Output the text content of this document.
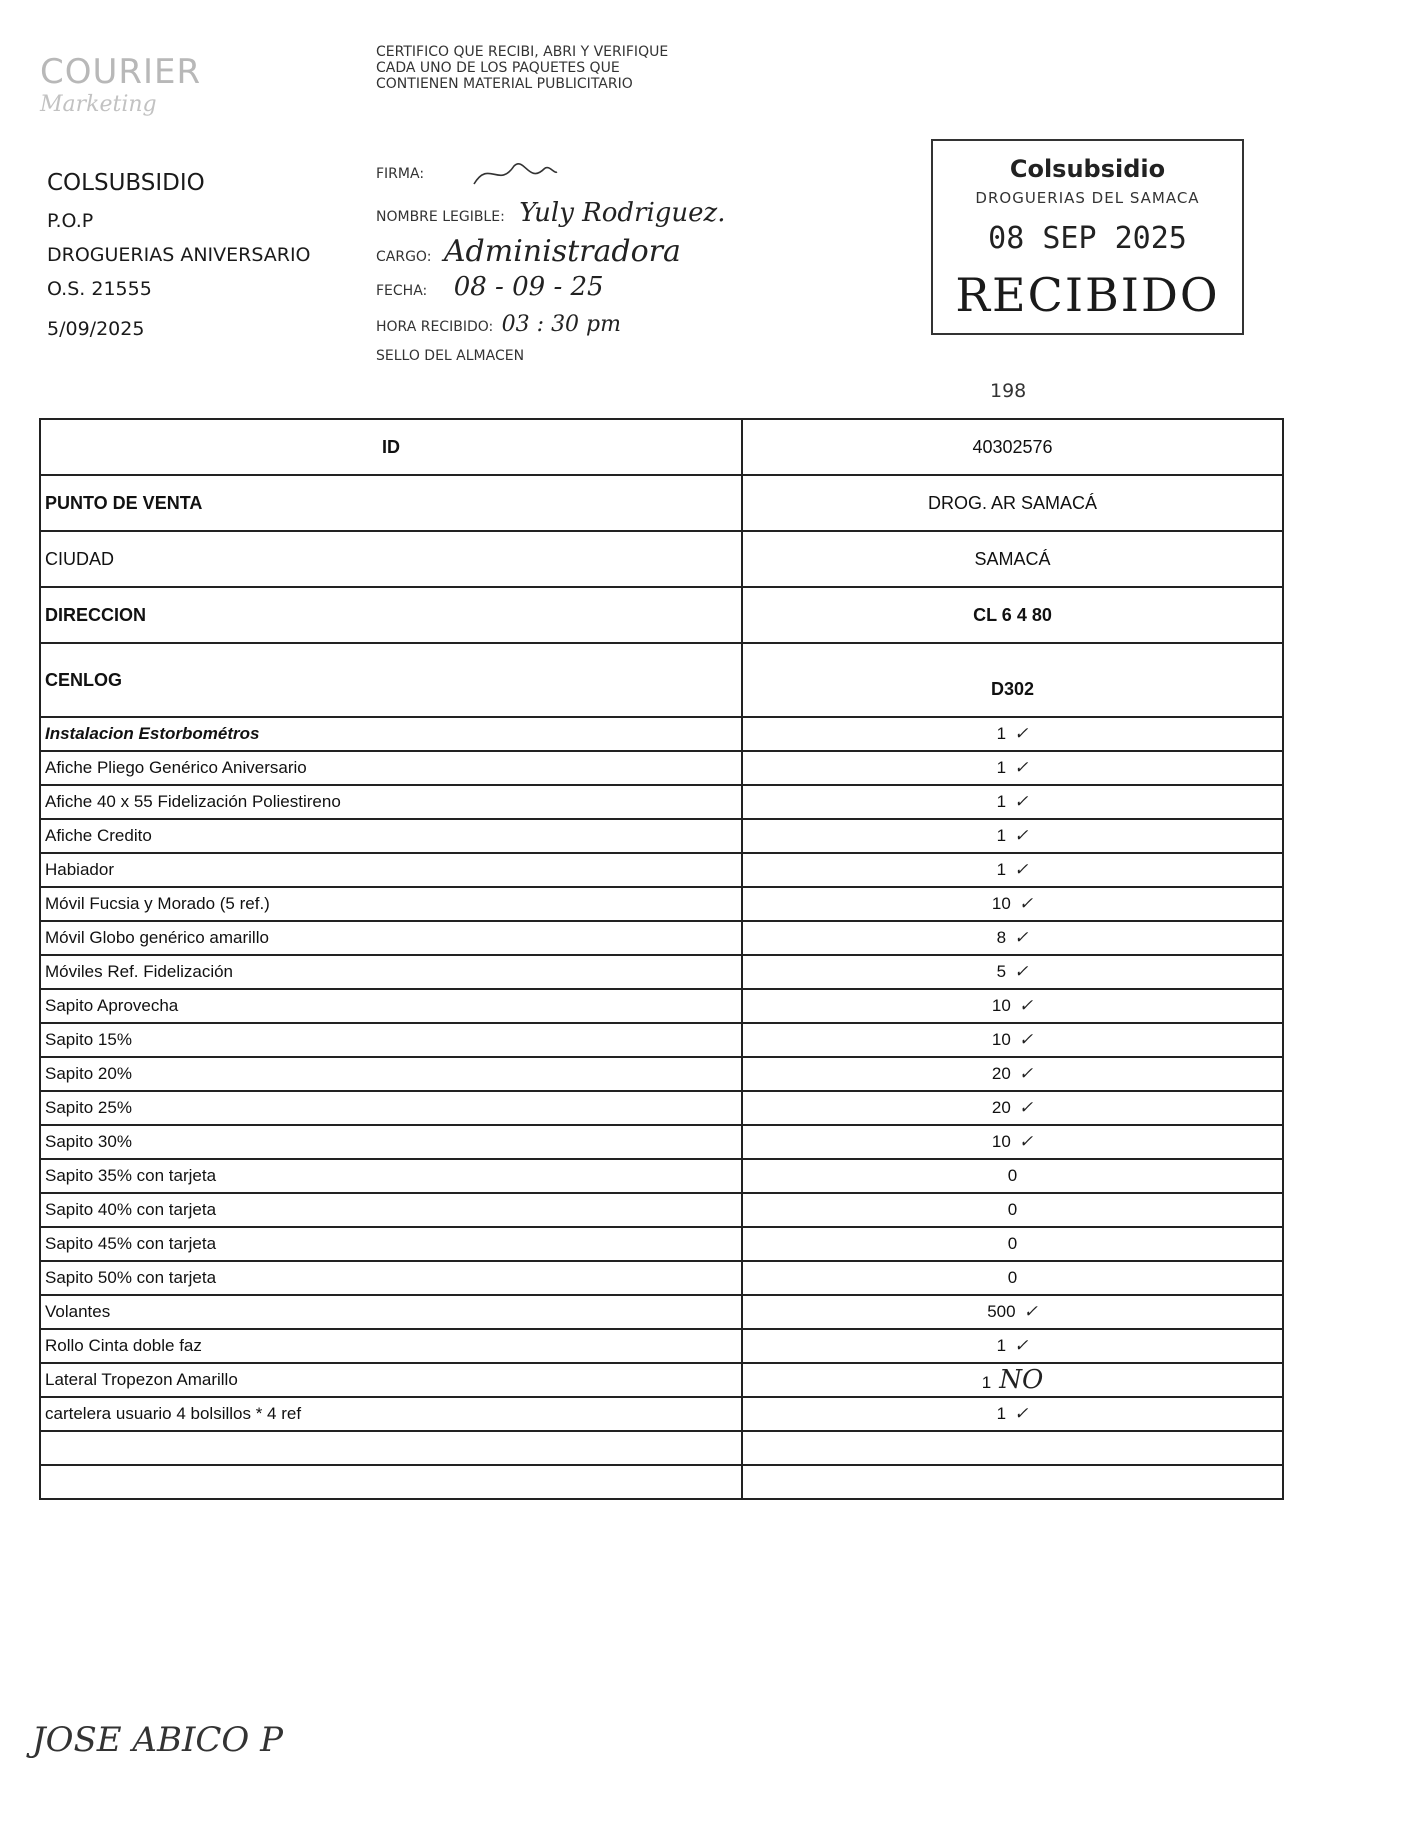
COURIER
Marketing
COLSUBSIDIO
P.O.P
DROGUERIAS ANIVERSARIO
O.S. 21555
5/09/2025
CERTIFICO QUE RECIBI, ABRI Y VERIFIQUE
CADA UNO DE LOS PAQUETES QUE
CONTIENEN MATERIAL PUBLICITARIO
FIRMA:
NOMBRE LEGIBLE: Yuly Rodriguez.
CARGO: Administradora
FECHA: 08 - 09 - 25
HORA RECIBIDO: 03 : 30 pm
SELLO DEL ALMACEN
Colsubsidio
DROGUERIAS DEL SAMACA
08 SEP 2025
RECIBIDO
198
ID	40302576
PUNTO DE VENTA	DROG. AR SAMACÁ
CIUDAD	SAMACÁ
DIRECCION	CL 6 4 80
CENLOG	D302
Instalacion Estorbométros	1 ✓
Afiche Pliego Genérico Aniversario	1 ✓
Afiche 40 x 55 Fidelización Poliestireno	1 ✓
Afiche Credito	1 ✓
Habiador	1 ✓
Móvil Fucsia y Morado (5 ref.)	10 ✓
Móvil Globo genérico amarillo	8 ✓
Móviles Ref. Fidelización	5 ✓
Sapito Aprovecha	10 ✓
Sapito 15%	10 ✓
Sapito 20%	20 ✓
Sapito 25%	20 ✓
Sapito 30%	10 ✓
Sapito 35% con tarjeta	0
Sapito 40% con tarjeta	0
Sapito 45% con tarjeta	0
Sapito 50% con tarjeta	0
Volantes	500 ✓
Rollo Cinta doble faz	1 ✓
Lateral Tropezon Amarillo	1 NO
cartelera usuario 4 bolsillos * 4 ref	1 ✓

JOSE ABICO P
